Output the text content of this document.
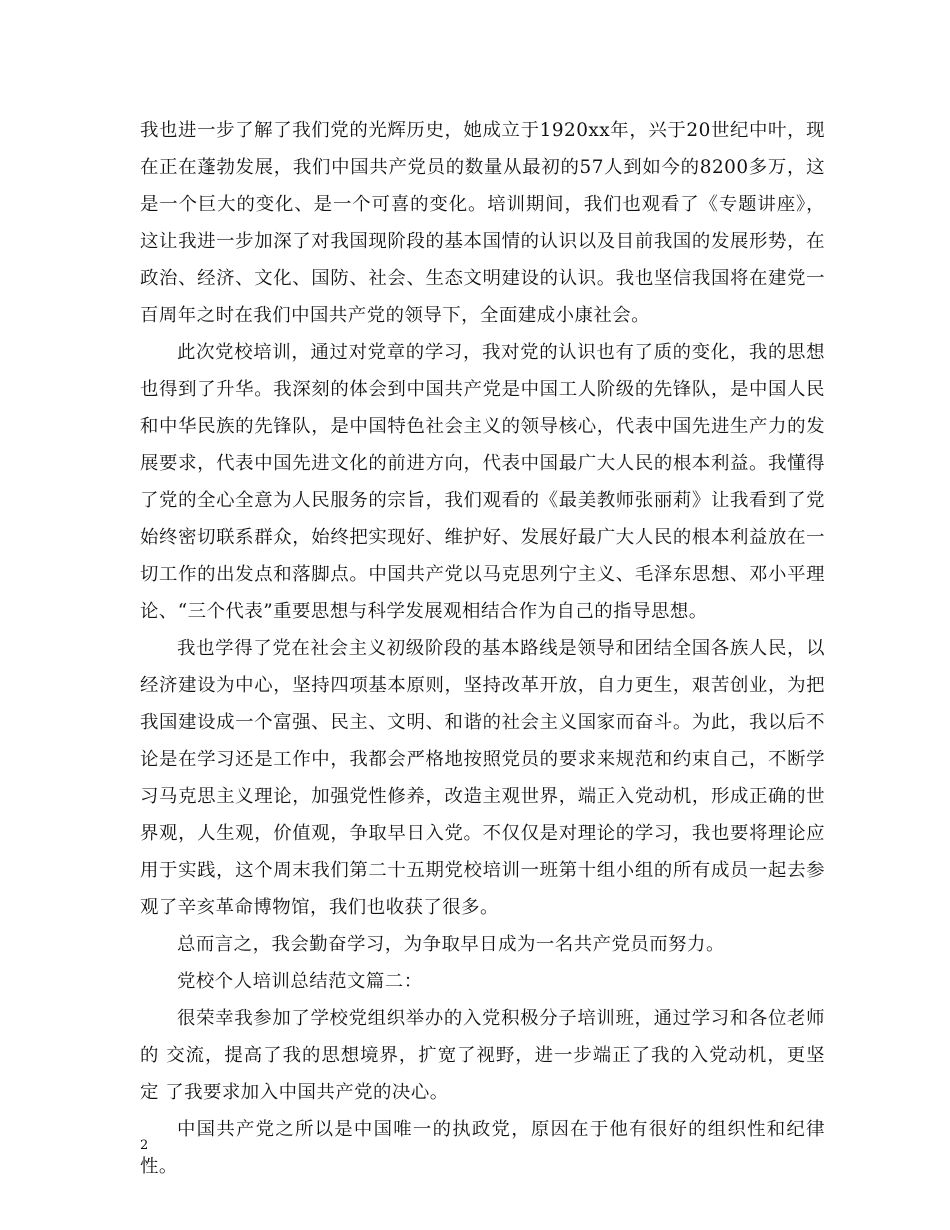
我也进一步了解了我们党的光辉历史，她成立于1920xx年，兴于20世纪中叶，现在正在蓬勃发展，我们中国共产党员的数量从最初的57人到如今的8200多万，这是一个巨大的变化、是一个可喜的变化。培训期间，我们也观看了《专题讲座》，这让我进一步加深了对我国现阶段的基本国情的认识以及目前我国的发展形势，在政治、经济、文化、国防、社会、生态文明建设的认识。我也坚信我国将在建党一百周年之时在我们中国共产党的领导下，全面建成小康社会。

此次党校培训，通过对党章的学习，我对党的认识也有了质的变化，我的思想也得到了升华。我深刻的体会到中国共产党是中国工人阶级的先锋队，是中国人民和中华民族的先锋队，是中国特色社会主义的领导核心，代表中国先进生产力的发展要求，代表中国先进文化的前进方向，代表中国最广大人民的根本利益。我懂得了党的全心全意为人民服务的宗旨，我们观看的《最美教师张丽莉》让我看到了党始终密切联系群众，始终把实现好、维护好、发展好最广大人民的根本利益放在一切工作的出发点和落脚点。中国共产党以马克思列宁主义、毛泽东思想、邓小平理论、“三个代表”重要思想与科学发展观相结合作为自己的指导思想。

我也学得了党在社会主义初级阶段的基本路线是领导和团结全国各族人民，以经济建设为中心，坚持四项基本原则，坚持改革开放，自力更生，艰苦创业，为把我国建设成一个富强、民主、文明、和谐的社会主义国家而奋斗。为此，我以后不论是在学习还是工作中，我都会严格地按照党员的要求来规范和约束自己，不断学习马克思主义理论，加强党性修养，改造主观世界，端正入党动机，形成正确的世界观，人生观，价值观，争取早日入党。不仅仅是对理论的学习，我也要将理论应用于实践，这个周末我们第二十五期党校培训一班第十组小组的所有成员一起去参观了辛亥革命博物馆，我们也收获了很多。

总而言之，我会勤奋学习，为争取早日成为一名共产党员而努力。

党校个人培训总结范文篇二：

很荣幸我参加了学校党组织举办的入党积极分子培训班，通过学习和各位老师的 交流，提高了我的思想境界，扩宽了视野，进一步端正了我的入党动机，更坚定 了我要求加入中国共产党的决心。

中国共产党之所以是中国唯一的执政党，原因在于他有很好的组织性和纪律性。

2
